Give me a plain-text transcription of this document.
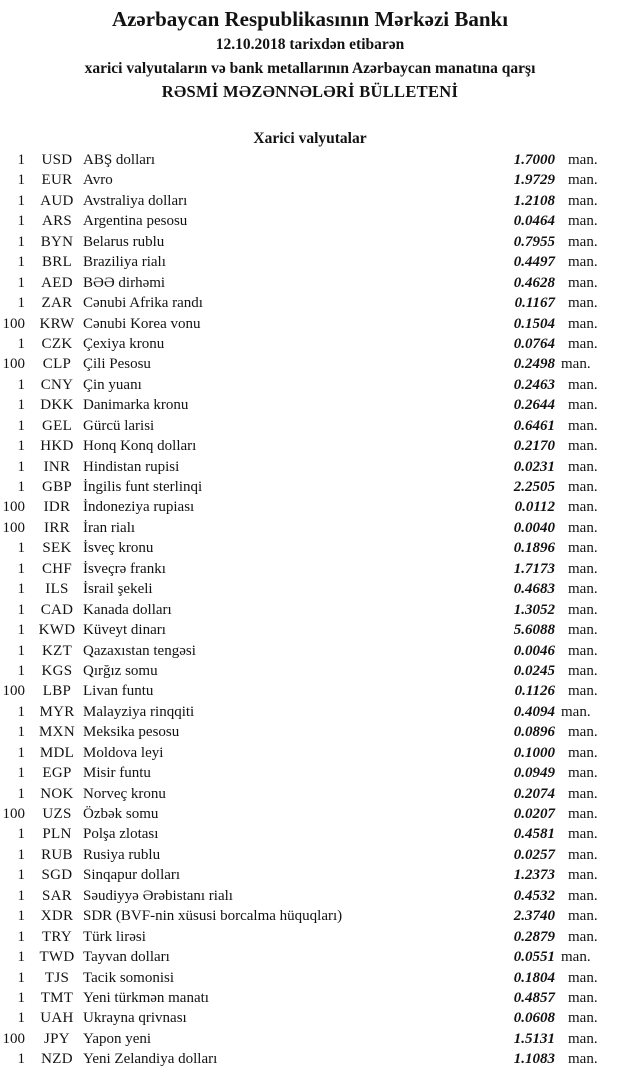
Azərbaycan Respublikasının Mərkəzi Bankı
12.10.2018 tarixdən etibarən
xarici valyutaların və bank metallarının Azərbaycan manatına qarşı
RƏSMİ MƏZƏNNƏLƏRİ BÜLLETENİ
Xarici valyutalar
1	USD ABŞ dolları	1.7000 man.
1	EUR Avro	1.9729 man.
1	AUD Avstraliya dolları	1.2108 man.
1	ARS Argentina pesosu	0.0464 man.
1	BYN Belarus rublu	0.7955 man.
1	BRL Braziliya rialı	0.4497 man.
1	AED BƏƏ dirhəmi	0.4628 man.
1	ZAR Cənubi Afrika randı	0.1167 man.
100 KRW Cənubi Korea vonu	0.1504 man.
1	CZK Çexiya kronu	0.0764 man.
100	CLP Çili Pesosu	0.2498 man.
1	CNY Çin yuanı	0.2463 man.
1	DKK Danimarka kronu	0.2644 man.
1	GEL Gürcü larisi	0.6461 man.
1	HKD Honq Konq dolları	0.2170 man.
1	INR Hindistan rupisi	0.0231 man.
1	GBP İngilis funt sterlinqi	2.2505 man.
100	IDR İndoneziya rupiası	0.0112 man.
100	IRR İran rialı	0.0040 man.
1	SEK İsveç kronu	0.1896 man.
1	CHF İsveçrə frankı	1.7173 man.
1	ILS İsrail şekeli	0.4683 man.
1	CAD Kanada dolları	1.3052 man.
1 KWD Küveyt dinarı	5.6088 man.
1	KZT Qazaxıstan tengəsi	0.0046 man.
1	KGS Qırğız somu	0.0245 man.
100	LBP Livan funtu	0.1126 man.
1 MYR Malayziya rinqqiti	0.4094 man.
1 MXN Meksika pesosu	0.0896 man.
1 MDL Moldova leyi	0.1000 man.
1	EGP Misir funtu	0.0949 man.
1	NOK Norveç kronu	0.2074 man.
100	UZS Özbək somu	0.0207 man.
1	PLN Polşa zlotası	0.4581 man.
1	RUB Rusiya rublu	0.0257 man.
1	SGD Sinqapur dolları	1.2373 man.
1	SAR Səudiyyə Ərəbistanı rialı	0.4532 man.
1	XDR SDR (BVF-nin xüsusi borcalma hüquqları)	2.3740 man.
1	TRY Türk lirəsi	0.2879 man.
1 TWD Tayvan dolları	0.0551 man.
1	TJS Tacik somonisi	0.1804 man.
1	TMT Yeni türkmən manatı	0.4857 man.
1	UAH Ukrayna qrivnası	0.0608 man.
100	JPY Yapon yeni	1.5131 man.
1	NZD Yeni Zelandiya dolları	1.1083 man.
